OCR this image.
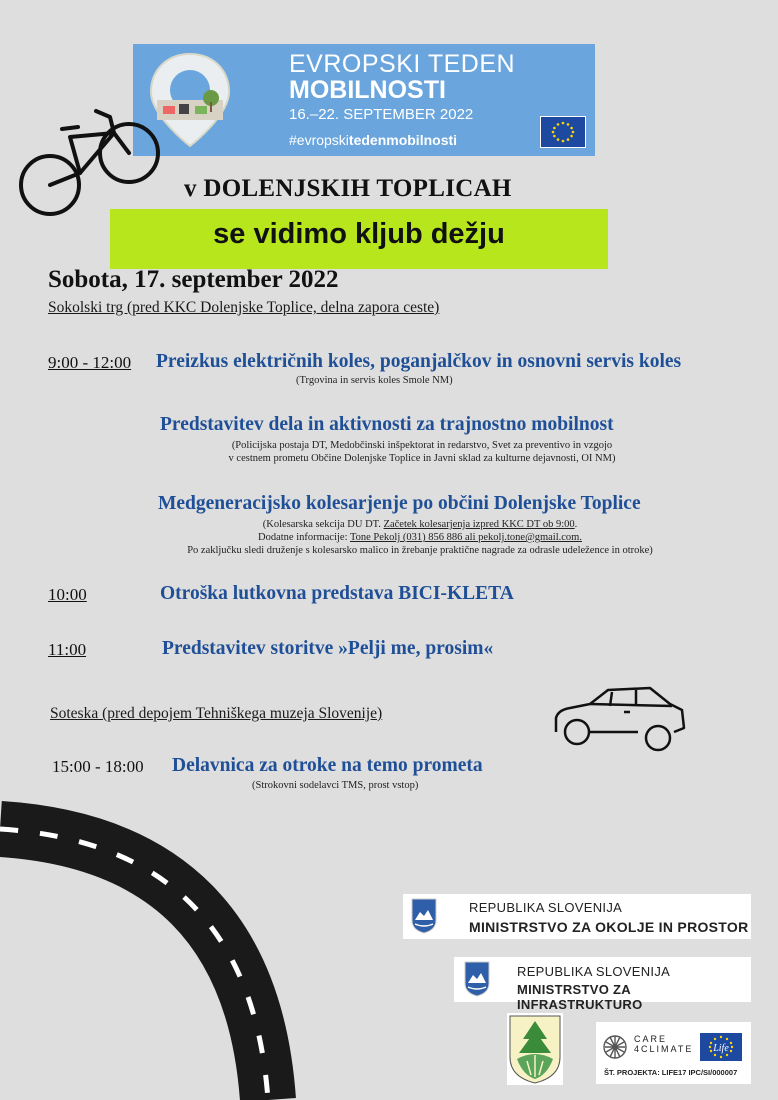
EVROPSKI TEDEN
MOBILNOSTI
16.–22. SEPTEMBER 2022
#evropskitedenmobilnosti
v DOLENJSKIH TOPLICAH
se vidimo kljub dežju
Sobota, 17. september 2022
Sokolski trg (pred KKC Dolenjske Toplice, delna zapora ceste)
9:00 - 12:00 Preizkus električnih koles, poganjalčkov in osnovni servis koles
(Trgovina in servis koles Smole NM)
Predstavitev dela in aktivnosti za trajnostno mobilnost
(Policijska postaja DT, Medobčinski inšpektorat in redarstvo, Svet za preventivo in vzgojo
v cestnem prometu Občine Dolenjske Toplice in Javni sklad za kulturne dejavnosti, OI NM)
Medgeneracijsko kolesarjenje po občini Dolenjske Toplice
(Kolesarska sekcija DU DT. Začetek kolesarjenja izpred KKC DT ob 9:00.
Dodatne informacije: Tone Pekolj (031) 856 886 ali pekolj.tone@gmail.com.
Po zaključku sledi druženje s kolesarsko malico in žrebanje praktične nagrade za odrasle udeležence in otroke)
10:00	Otroška lutkovna predstava BICI-KLETA
11:00	Predstavitev storitve »Pelji me, prosim«
Soteska (pred depojem Tehniškega muzeja Slovenije)
15:00 - 18:00 Delavnica za otroke na temo prometa
(Strokovni sodelavci TMS, prost vstop)
REPUBLIKA SLOVENIJA
MINISTRSTVO ZA OKOLJE IN PROSTOR
REPUBLIKA SLOVENIJA
MINISTRSTVO ZA INFRASTRUKTURO
CARE
4CLIMATE Life
ŠT. PROJEKTA: LIFE17 IPC/SI/000007
